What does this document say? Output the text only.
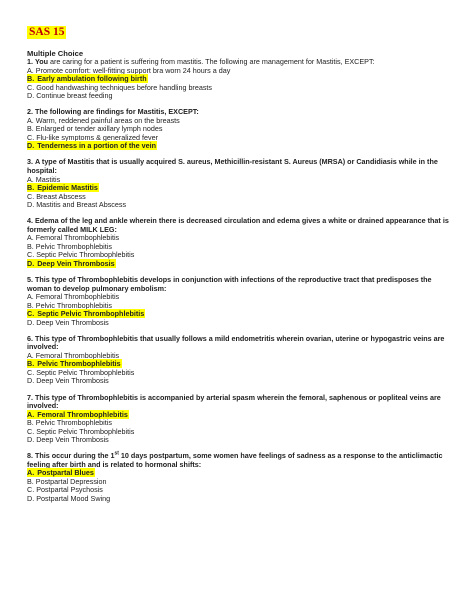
SAS 15
Multiple Choice
1. You are caring for a patient is suffering from mastitis. The following are management for Mastitis, EXCEPT:
A. Promote comfort: well-fitting support bra worn 24 hours a day
B. Early ambulation following birth
C. Good handwashing techniques before handling breasts
D. Continue breast feeding
2. The following are findings for Mastitis, EXCEPT:
A. Warm, reddened painful areas on the breasts
B. Enlarged or tender axillary lymph nodes
C. Flu-like symptoms & generalized fever
D. Tenderness in a portion of the vein
3. A type of Mastitis that is usually acquired S. aureus, Methicillin-resistant S. Aureus (MRSA) or Candidiasis while in the hospital:
A. Mastitis
B. Epidemic Mastitis
C. Breast Abscess
D. Mastitis and Breast Abscess
4. Edema of the leg and ankle wherein there is decreased circulation and edema gives a white or drained appearance that is formerly called MILK LEG:
A. Femoral Thrombophlebitis
B. Pelvic Thrombophlebitis
C. Septic Pelvic Thrombophlebitis
D. Deep Vein Thrombosis
5. This type of Thrombophlebitis develops in conjunction with infections of the reproductive tract that predisposes the woman to develop pulmonary embolism:
A. Femoral Thrombophlebitis
B. Pelvic Thrombophlebitis
C. Septic Pelvic Thrombophlebitis
D. Deep Vein Thrombosis
6. This type of Thrombophlebitis that usually follows a mild endometritis wherein ovarian, uterine or hypogastric veins are involved:
A. Femoral Thrombophlebitis
B. Pelvic Thrombophlebitis
C. Septic Pelvic Thrombophlebitis
D. Deep Vein Thrombosis
7. This type of Thrombophlebitis is accompanied by arterial spasm wherein the femoral, saphenous or popliteal veins are involved:
A. Femoral Thrombophlebitis
B. Pelvic Thrombophlebitis
C. Septic Pelvic Thrombophlebitis
D. Deep Vein Thrombosis
8. This occur during the 1st 10 days postpartum, some women have feelings of sadness as a response to the anticlimactic feeling after birth and is related to hormonal shifts:
A. Postpartal Blues
B. Postpartal Depression
C. Postpartal Psychosis
D. Postpartal Mood Swing
